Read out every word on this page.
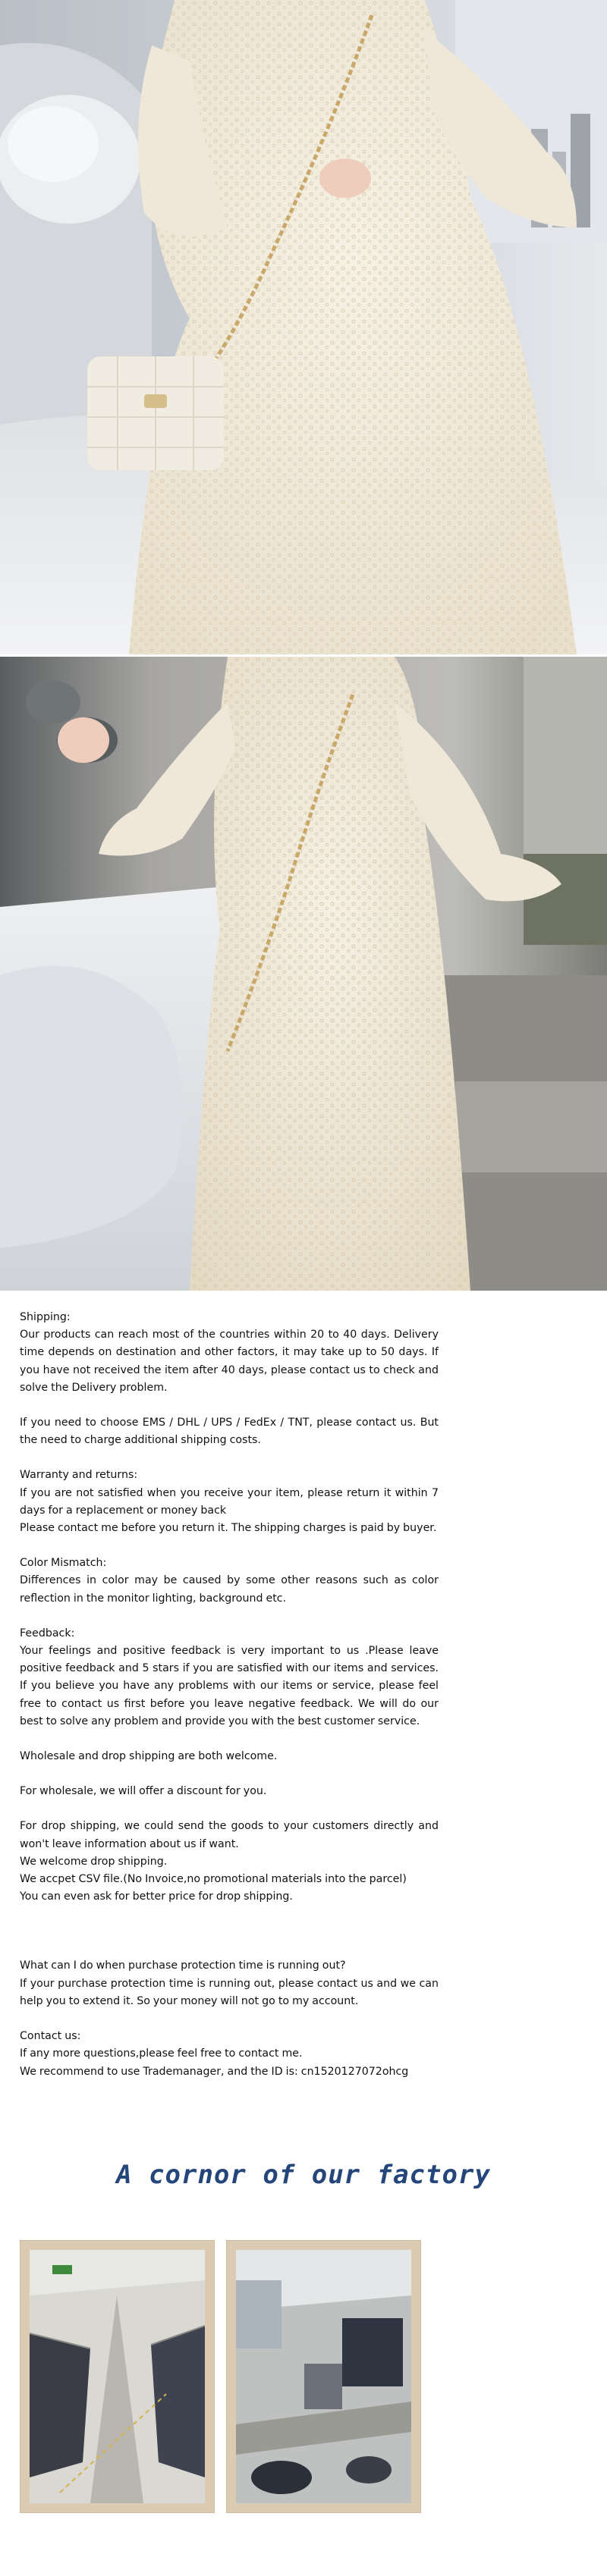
Shipping:

Our products can reach most of the countries within 20 to 40 days. Delivery time depends on destination and other factors, it may take up to 50 days. If you have not received the item after 40 days, please contact us to check and solve the Delivery problem.

If you need to choose EMS / DHL / UPS / FedEx / TNT, please contact us. But the need to charge additional shipping costs.

Warranty and returns:

If you are not satisfied when you receive your item, please return it within 7 days for a replacement or money back

Please contact me before you return it. The shipping charges is paid by buyer.

Color Mismatch:

Differences in color may be caused by some other reasons such as color reflection in the monitor lighting, background etc.

Feedback:

Your feelings and positive feedback is very important to us .Please leave positive feedback and 5 stars if you are satisfied with our items and services. If you believe you have any problems with our items or service, please feel free to contact us first before you leave negative feedback. We will do our best to solve any problem and provide you with the best customer service.

Wholesale and drop shipping are both welcome.

For wholesale, we will offer a discount for you.

For drop shipping, we could send the goods to your customers directly and won't leave information about us if want.

We welcome drop shipping.

We accpet CSV file.(No Invoice,no promotional materials into the parcel)

You can even ask for better price for drop shipping.

What can I do when purchase protection time is running out?

If your purchase protection time is running out, please contact us and we can help you to extend it. So your money will not go to my account.

Contact us:

If any more questions,please feel free to contact me.

We recommend to use Trademanager, and the ID is: cn1520127072ohcg

A cornor of our factory
